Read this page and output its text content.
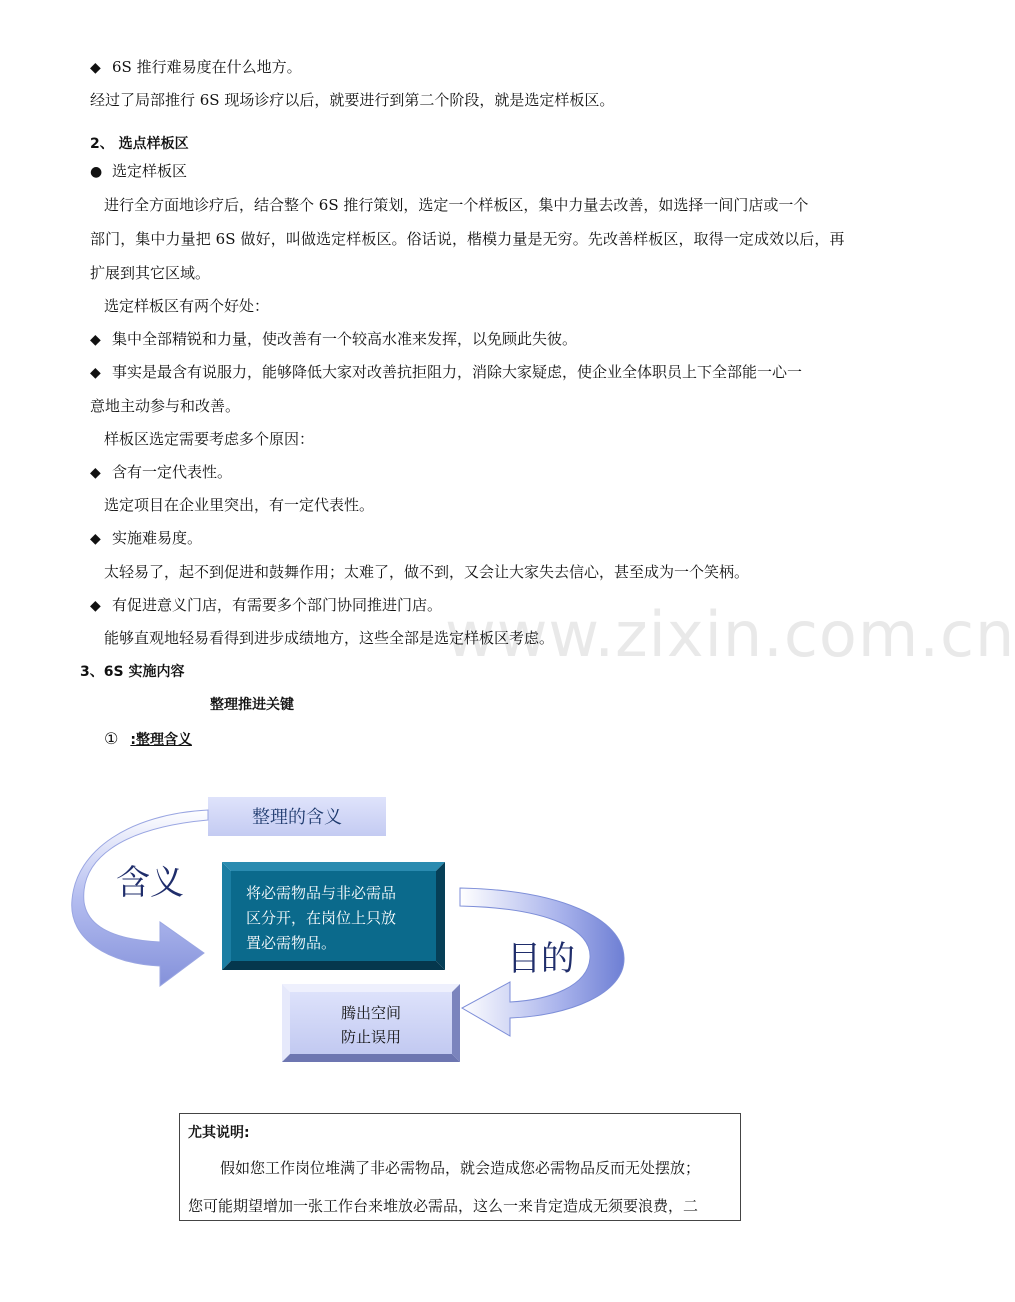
www.zixin.com.cn
◆ 6S 推行难易度在什么地方。
经过了局部推行 6S 现场诊疗以后，就要进行到第二个阶段，就是选定样板区。
2、 选点样板区
● 选定样板区
进行全方面地诊疗后，结合整个 6S 推行策划，选定一个样板区，集中力量去改善，如选择一间门店或一个
部门，集中力量把 6S 做好，叫做选定样板区。俗话说，楷模力量是无穷。先改善样板区，取得一定成效以后，再
扩展到其它区域。
选定样板区有两个好处：
◆ 集中全部精锐和力量，使改善有一个较高水准来发挥，以免顾此失彼。
◆ 事实是最含有说服力，能够降低大家对改善抗拒阻力，消除大家疑虑，使企业全体职员上下全部能一心一
意地主动参与和改善。
样板区选定需要考虑多个原因：
◆ 含有一定代表性。
选定项目在企业里突出，有一定代表性。
◆ 实施难易度。
太轻易了，起不到促进和鼓舞作用；太难了，做不到，又会让大家失去信心，甚至成为一个笑柄。
◆ 有促进意义门店，有需要多个部门协同推进门店。
能够直观地轻易看得到进步成绩地方，这些全部是选定样板区考虑。
3、6S 实施内容
整理推进关键
① :整理含义
整理的含义
含义	将必需物品与非必需品
区分开，在岗位上只放
置必需物品。	目的
腾出空间
防止误用
尤其说明:
假如您工作岗位堆满了非必需物品，就会造成您必需物品反而无处摆放；
您可能期望增加一张工作台来堆放必需品，这么一来肯定造成无须要浪费，二
